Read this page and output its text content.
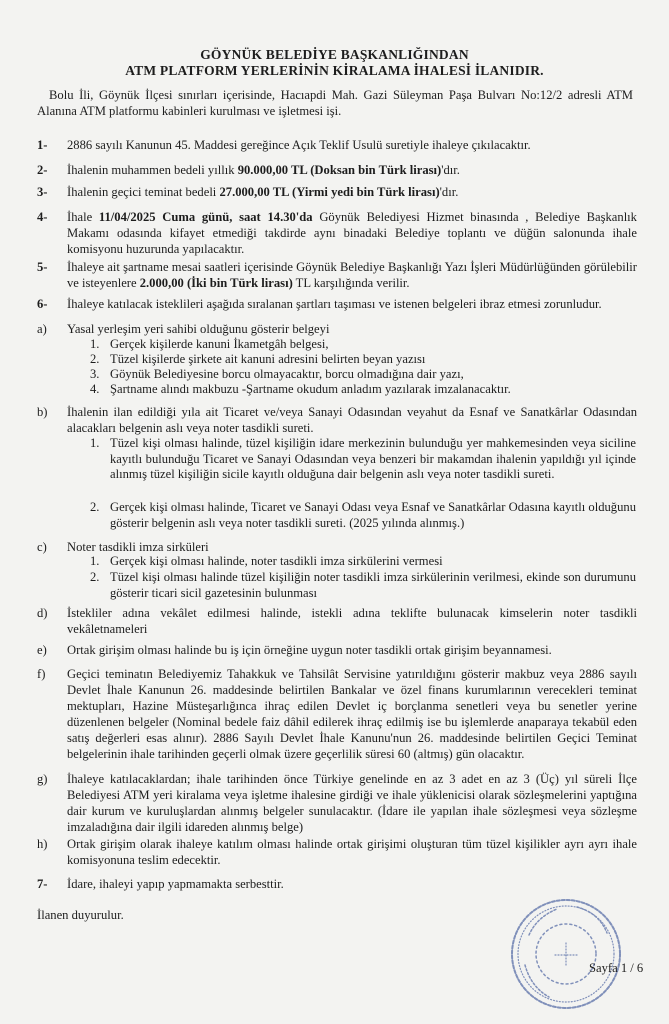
GÖYNÜK BELEDİYE BAŞKANLIĞINDAN
ATM PLATFORM YERLERİNİN KİRALAMA İHALESİ İLANIDIR.

Bolu İli, Göynük İlçesi sınırları içerisinde, Hacıapdi Mah. Gazi Süleyman Paşa Bulvarı No:12/2 adresli ATM Alanına ATM platformu kabinleri kurulması ve işletmesi işi.

1-	2886 sayılı Kanunun 45. Maddesi gereğince Açık Teklif Usulü suretiyle ihaleye çıkılacaktır.
2-	İhalenin muhammen bedeli yıllık 90.000,00 TL (Doksan bin Türk lirası)'dır.
3-	İhalenin geçici teminat bedeli 27.000,00 TL (Yirmi yedi bin Türk lirası)'dır.
4-	İhale 11/04/2025 Cuma günü, saat 14.30'da Göynük Belediyesi Hizmet binasında , Belediye Başkanlık Makamı odasında kifayet etmediği takdirde aynı binadaki Belediye toplantı ve düğün salonunda ihale komisyonu huzurunda yapılacaktır.
5-	İhaleye ait şartname mesai saatleri içerisinde Göynük Belediye Başkanlığı Yazı İşleri Müdürlüğünden görülebilir ve isteyenlere 2.000,00 (İki bin Türk lirası) TL karşılığında verilir.
6-	İhaleye katılacak isteklileri aşağıda sıralanan şartları taşıması ve istenen belgeleri ibraz etmesi zorunludur.
a)	Yasal yerleşim yeri sahibi olduğunu gösterir belgeyi
1. Gerçek kişilerde kanuni İkametgâh belgesi,
2. Tüzel kişilerde şirkete ait kanuni adresini belirten beyan yazısı
3. Göynük Belediyesine borcu olmayacaktır, borcu olmadığına dair yazı,
4. Şartname alındı makbuzu -Şartname okudum anladım yazılarak imzalanacaktır.
b)	İhalenin ilan edildiği yıla ait Ticaret ve/veya Sanayi Odasından veyahut da Esnaf ve Sanatkârlar Odasından alacakları belgenin aslı veya noter tasdikli sureti.
1. Tüzel kişi olması halinde, tüzel kişiliğin idare merkezinin bulunduğu yer mahkemesinden veya siciline kayıtlı bulunduğu Ticaret ve Sanayi Odasından veya benzeri bir makamdan ihalenin yapıldığı yıl içinde alınmış tüzel kişiliğin sicile kayıtlı olduğuna dair belgenin aslı veya noter tasdikli sureti.
2. Gerçek kişi olması halinde, Ticaret ve Sanayi Odası veya Esnaf ve Sanatkârlar Odasına kayıtlı olduğunu gösterir belgenin aslı veya noter tasdikli sureti. (2025 yılında alınmış.)
c)	Noter tasdikli imza sirküleri
1. Gerçek kişi olması halinde, noter tasdikli imza sirkülerini vermesi
2. Tüzel kişi olması halinde tüzel kişiliğin noter tasdikli imza sirkülerinin verilmesi, ekinde son durumunu gösterir ticari sicil gazetesinin bulunması
d)	İstekliler adına vekâlet edilmesi halinde, istekli adına teklifte bulunacak kimselerin noter tasdikli vekâletnameleri
e)	Ortak girişim olması halinde bu iş için örneğine uygun noter tasdikli ortak girişim beyannamesi.
f)	Geçici teminatın Belediyemiz Tahakkuk ve Tahsilât Servisine yatırıldığını gösterir makbuz veya 2886 sayılı Devlet İhale Kanunun 26. maddesinde belirtilen Bankalar ve özel finans kurumlarının verecekleri teminat mektupları, Hazine Müsteşarlığınca ihraç edilen Devlet iç borçlanma senetleri veya bu senetler yerine düzenlenen belgeler (Nominal bedele faiz dâhil edilerek ihraç edilmiş ise bu işlemlerde anaparaya tekabül eden satış değerleri esas alınır). 2886 Sayılı Devlet İhale Kanunu'nun 26. maddesinde belirtilen Geçici Teminat belgelerinin ihale tarihinden geçerli olmak üzere geçerlilik süresi 60 (altmış) gün olacaktır.
g)	İhaleye katılacaklardan; ihale tarihinden önce Türkiye genelinde en az 3 adet en az 3 (Üç) yıl süreli İlçe Belediyesi ATM yeri kiralama veya işletme ihalesine girdiği ve ihale yüklenicisi olarak sözleşmelerini yaptığına dair kurum ve kuruluşlardan alınmış belgeler sunulacaktır. (İdare ile yapılan ihale sözleşmesi veya sözleşme imzaladığına dair ilgili idareden alınmış belge)
h)	Ortak girişim olarak ihaleye katılım olması halinde ortak girişimi oluşturan tüm tüzel kişilikler ayrı ayrı ihale komisyonuna teslim edecektir.
7-	İdare, ihaleyi yapıp yapmamakta serbesttir.
İlanen duyurulur.
Sayfa 1 / 6
